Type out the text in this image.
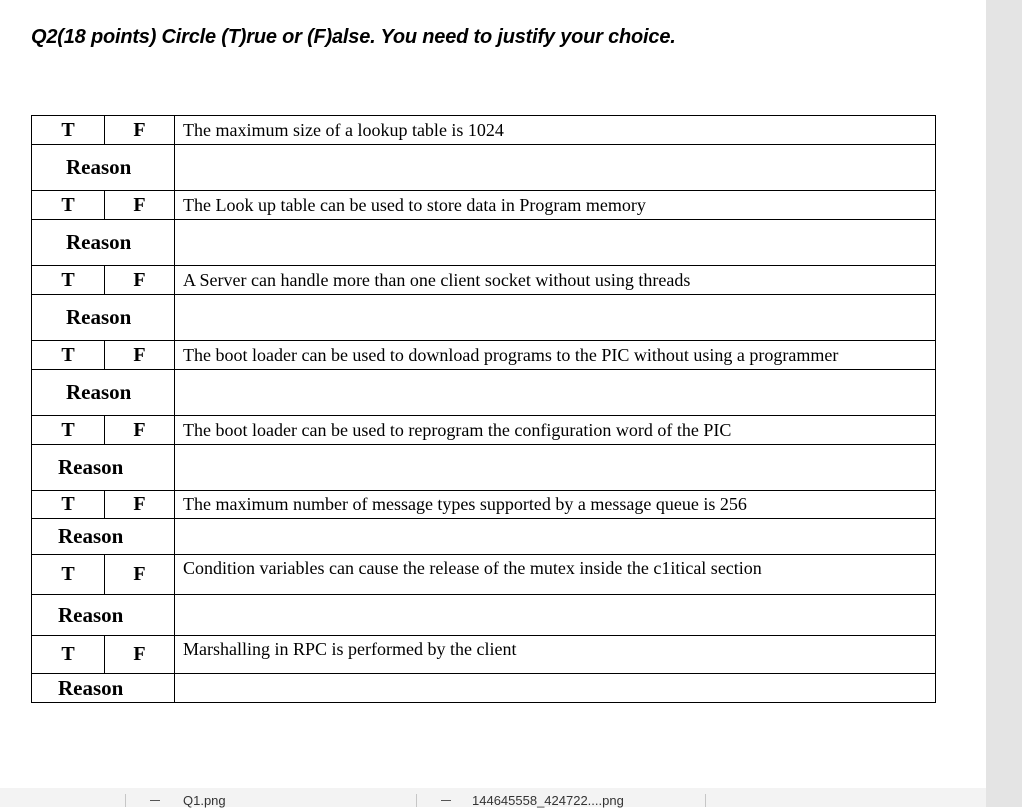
Q2(18 points) Circle (T)rue or (F)alse. You need to justify your choice.
T	F	The maximum size of a lookup table is 1024
Reason		
T	F	The Look up table can be used to store data in Program memory
Reason		
T	F	A Server can handle more than one client socket without using threads
Reason		
T	F	The boot loader can be used to download programs to the PIC without using a programmer
Reason		
T	F	The boot loader can be used to reprogram the configuration word of the PIC
Reason		
T	F	The maximum number of message types supported by a message queue is 256
Reason		
T	F	Condition variables can cause the release of the mutex inside the c1itical section
Reason		
T	F	Marshalling in RPC is performed by the client
Reason		
Q1.png	144645558_424722....png
